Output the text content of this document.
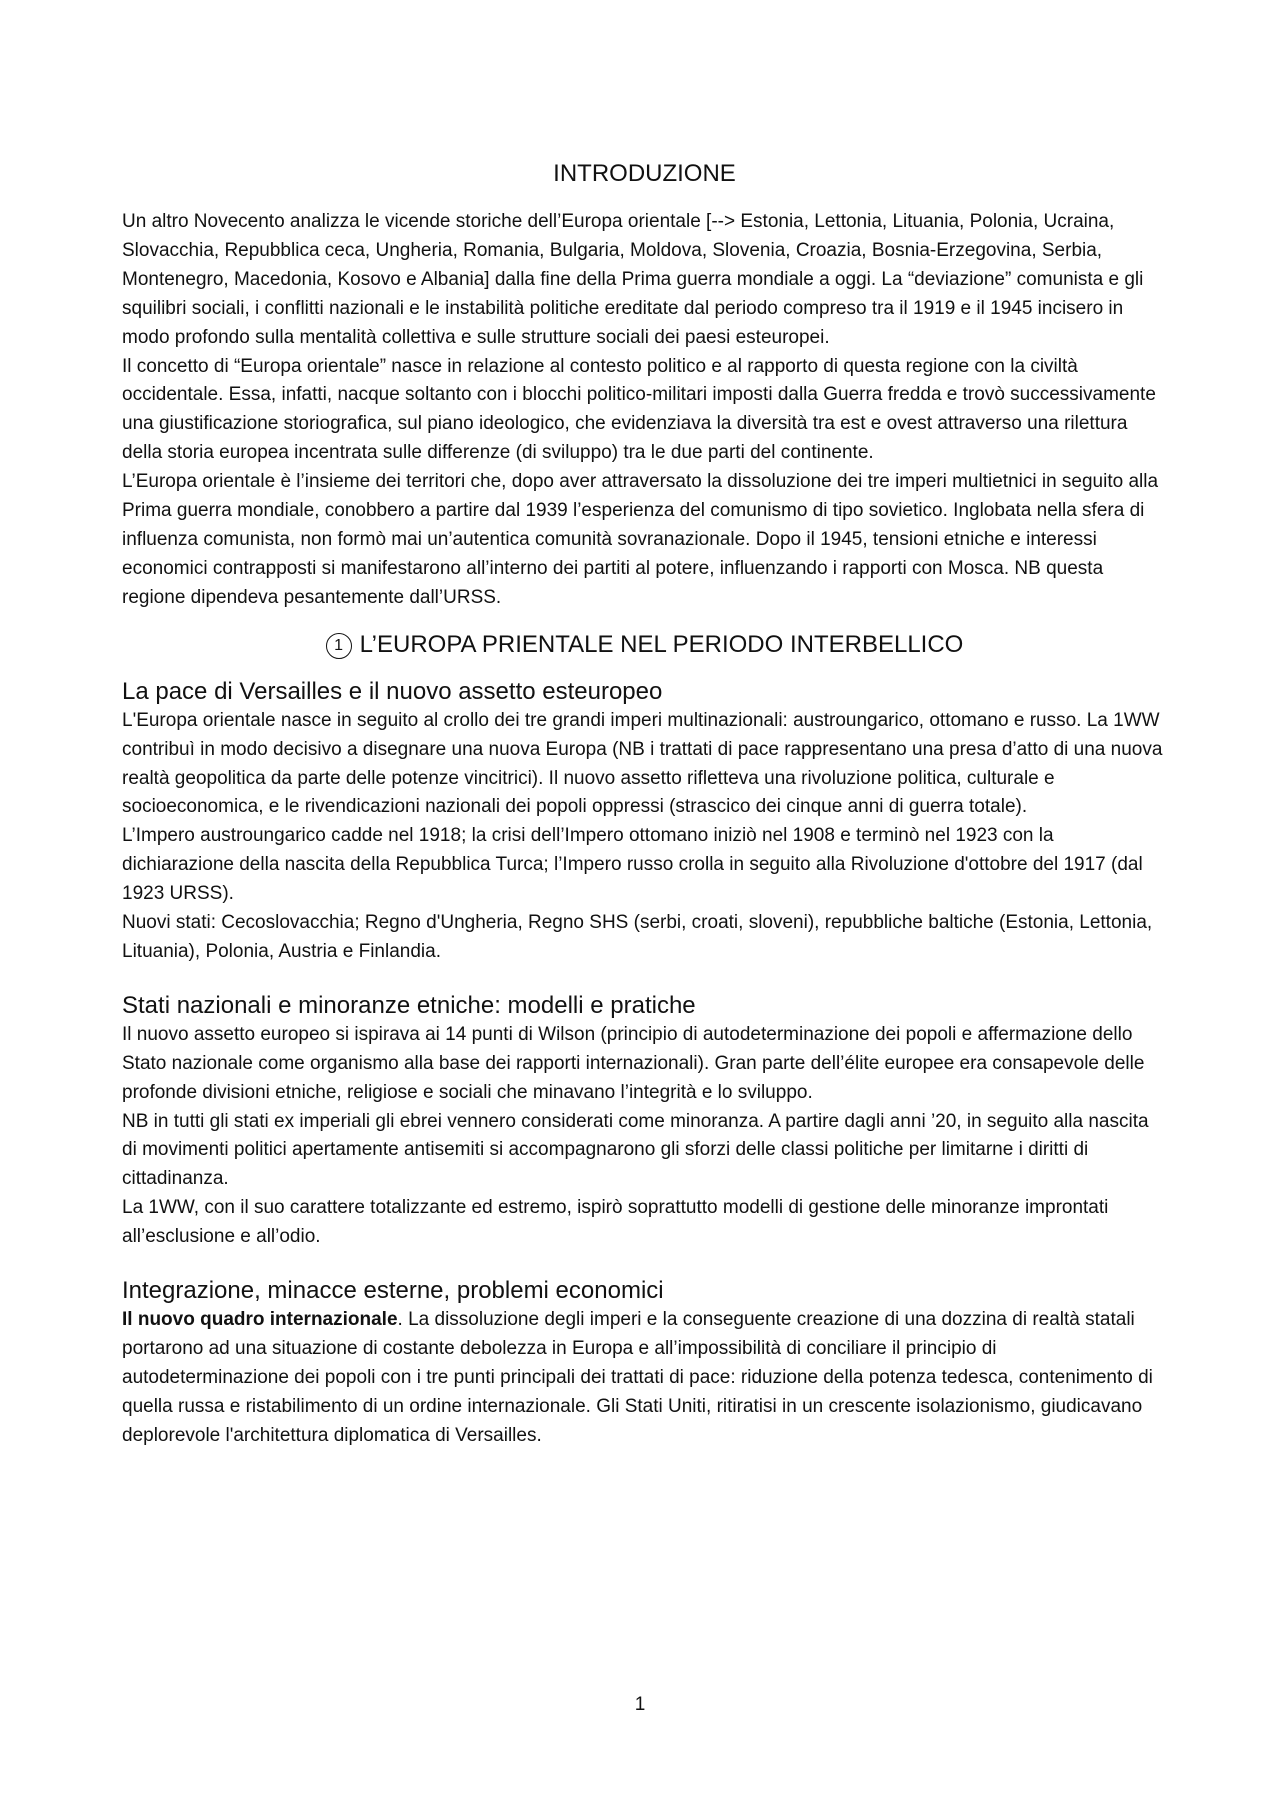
INTRODUZIONE

Un altro Novecento analizza le vicende storiche dell’Europa orientale [--> Estonia, Lettonia, Lituania, Polonia, Ucraina, Slovacchia, Repubblica ceca, Ungheria, Romania, Bulgaria, Moldova, Slovenia, Croazia, Bosnia-Erzegovina, Serbia, Montenegro, Macedonia, Kosovo e Albania] dalla fine della Prima guerra mondiale a oggi. La “deviazione” comunista e gli squilibri sociali, i conflitti nazionali e le instabilità politiche ereditate dal periodo compreso tra il 1919 e il 1945 incisero in modo profondo sulla mentalità collettiva e sulle strutture sociali dei paesi esteuropei.

Il concetto di “Europa orientale” nasce in relazione al contesto politico e al rapporto di questa regione con la civiltà occidentale. Essa, infatti, nacque soltanto con i blocchi politico-militari imposti dalla Guerra fredda e trovò successivamente una giustificazione storiografica, sul piano ideologico, che evidenziava la diversità tra est e ovest attraverso una rilettura della storia europea incentrata sulle differenze (di sviluppo) tra le due parti del continente.

L’Europa orientale è l’insieme dei territori che, dopo aver attraversato la dissoluzione dei tre imperi multietnici in seguito alla Prima guerra mondiale, conobbero a partire dal 1939 l’esperienza del comunismo di tipo sovietico. Inglobata nella sfera di influenza comunista, non formò mai un’autentica comunità sovranazionale. Dopo il 1945, tensioni etniche e interessi economici contrapposti si manifestarono all’interno dei partiti al potere, influenzando i rapporti con Mosca. NB questa regione dipendeva pesantemente dall’URSS.

1 L’EUROPA PRIENTALE NEL PERIODO INTERBELLICO
La pace di Versailles e il nuovo assetto esteuropeo

L'Europa orientale nasce in seguito al crollo dei tre grandi imperi multinazionali: austroungarico, ottomano e russo. La 1WW contribuì in modo decisivo a disegnare una nuova Europa (NB i trattati di pace rappresentano una presa d’atto di una nuova realtà geopolitica da parte delle potenze vincitrici). Il nuovo assetto rifletteva una rivoluzione politica, culturale e socioeconomica, e le rivendicazioni nazionali dei popoli oppressi (strascico dei cinque anni di guerra totale).

L’Impero austroungarico cadde nel 1918; la crisi dell’Impero ottomano iniziò nel 1908 e terminò nel 1923 con la dichiarazione della nascita della Repubblica Turca; l’Impero russo crolla in seguito alla Rivoluzione d'ottobre del 1917 (dal 1923 URSS).

Nuovi stati: Cecoslovacchia; Regno d'Ungheria, Regno SHS (serbi, croati, sloveni), repubbliche baltiche (Estonia, Lettonia, Lituania), Polonia, Austria e Finlandia.

Stati nazionali e minoranze etniche: modelli e pratiche

Il nuovo assetto europeo si ispirava ai 14 punti di Wilson (principio di autodeterminazione dei popoli e affermazione dello Stato nazionale come organismo alla base dei rapporti internazionali). Gran parte dell’élite europee era consapevole delle profonde divisioni etniche, religiose e sociali che minavano l’integrità e lo sviluppo.

NB in tutti gli stati ex imperiali gli ebrei vennero considerati come minoranza. A partire dagli anni ’20, in seguito alla nascita di movimenti politici apertamente antisemiti si accompagnarono gli sforzi delle classi politiche per limitarne i diritti di cittadinanza.

La 1WW, con il suo carattere totalizzante ed estremo, ispirò soprattutto modelli di gestione delle minoranze improntati all’esclusione e all’odio.

Integrazione, minacce esterne, problemi economici

Il nuovo quadro internazionale. La dissoluzione degli imperi e la conseguente creazione di una dozzina di realtà statali portarono ad una situazione di costante debolezza in Europa e all’impossibilità di conciliare il principio di autodeterminazione dei popoli con i tre punti principali dei trattati di pace: riduzione della potenza tedesca, contenimento di quella russa e ristabilimento di un ordine internazionale. Gli Stati Uniti, ritiratisi in un crescente isolazionismo, giudicavano deplorevole l'architettura diplomatica di Versailles.

1
